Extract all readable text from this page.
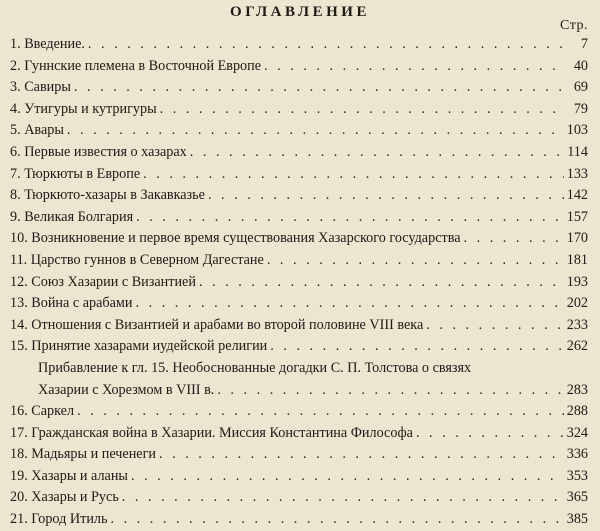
ОГЛАВЛЕНИЕ
Стр.
1. Введение. . . .	7
2. Гуннские племена в Восточной Европе . . .	40
3. Савиры . . .	69
4. Утигуры и кутригуры . . .	79
5. Авары . . .	103
6. Первые известия о хазарах . . .	114
7. Тюркюты в Европе . . .	133
8. Тюркюто-хазары в Закавказье . . .	142
9. Великая Болгария . . .	157
10. Возникновение и первое время существования Хазарского государства . . .	170
11. Царство гуннов в Северном Дагестане . . .	181
12. Союз Хазарии с Византией . . .	193
13. Война с арабами . . .	202
14. Отношения с Византией и арабами во второй половине VIII века . . .	233
15. Принятие хазарами иудейской религии . . .	262
Прибавление к гл. 15. Необоснованные догадки С. П. Толстова о связях
Хазарии с Хорезмом в VIII в. . . .	283
16. Саркел . . .	288
17. Гражданская война в Хазарии. Миссия Константина Философа . . .	324
18. Мадьяры и печенеги . . .	336
19. Хазары и аланы . . .	353
20. Хазары и Русь . . .	365
21. Город Итиль . . .	385
